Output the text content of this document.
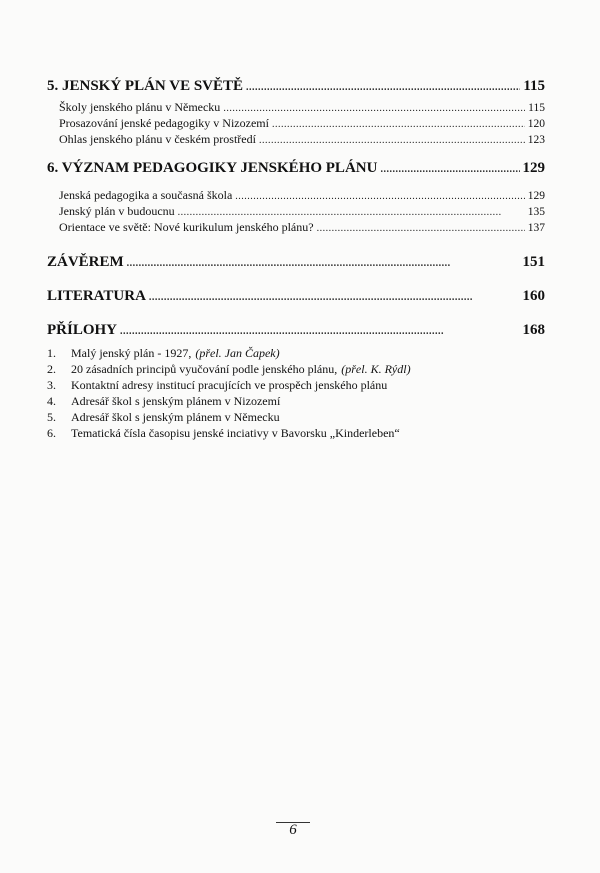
5. JENSKÝ PLÁN VE SVĚTĚ . . .	115
Školy jenského plánu v Německu . . .	115
Prosazování jenské pedagogiky v Nizozemí . . .	120
Ohlas jenského plánu v českém prostředí . . .	123
6. VÝZNAM PEDAGOGIKY JENSKÉHO PLÁNU . . .	129
Jenská pedagogika a současná škola . . .	129
Jenský plán v budoucnu . . .	135
Orientace ve světě: Nové kurikulum jenského plánu? . . .	137
ZÁVĚREM . . .	151
LITERATURA . . .	160
PŘÍLOHY . . .	168
1.	Malý jenský plán - 1927, (přel. Jan Čapek)
2.	20 zásadních principů vyučování podle jenského plánu, (přel. K. Rýdl)
3.	Kontaktní adresy institucí pracujících ve prospěch jenského plánu
4.	Adresář škol s jenským plánem v Nizozemí
5.	Adresář škol s jenským plánem v Německu
6.	Tematická čísla časopisu jenské inciativy v Bavorsku „Kinderleben“
6
